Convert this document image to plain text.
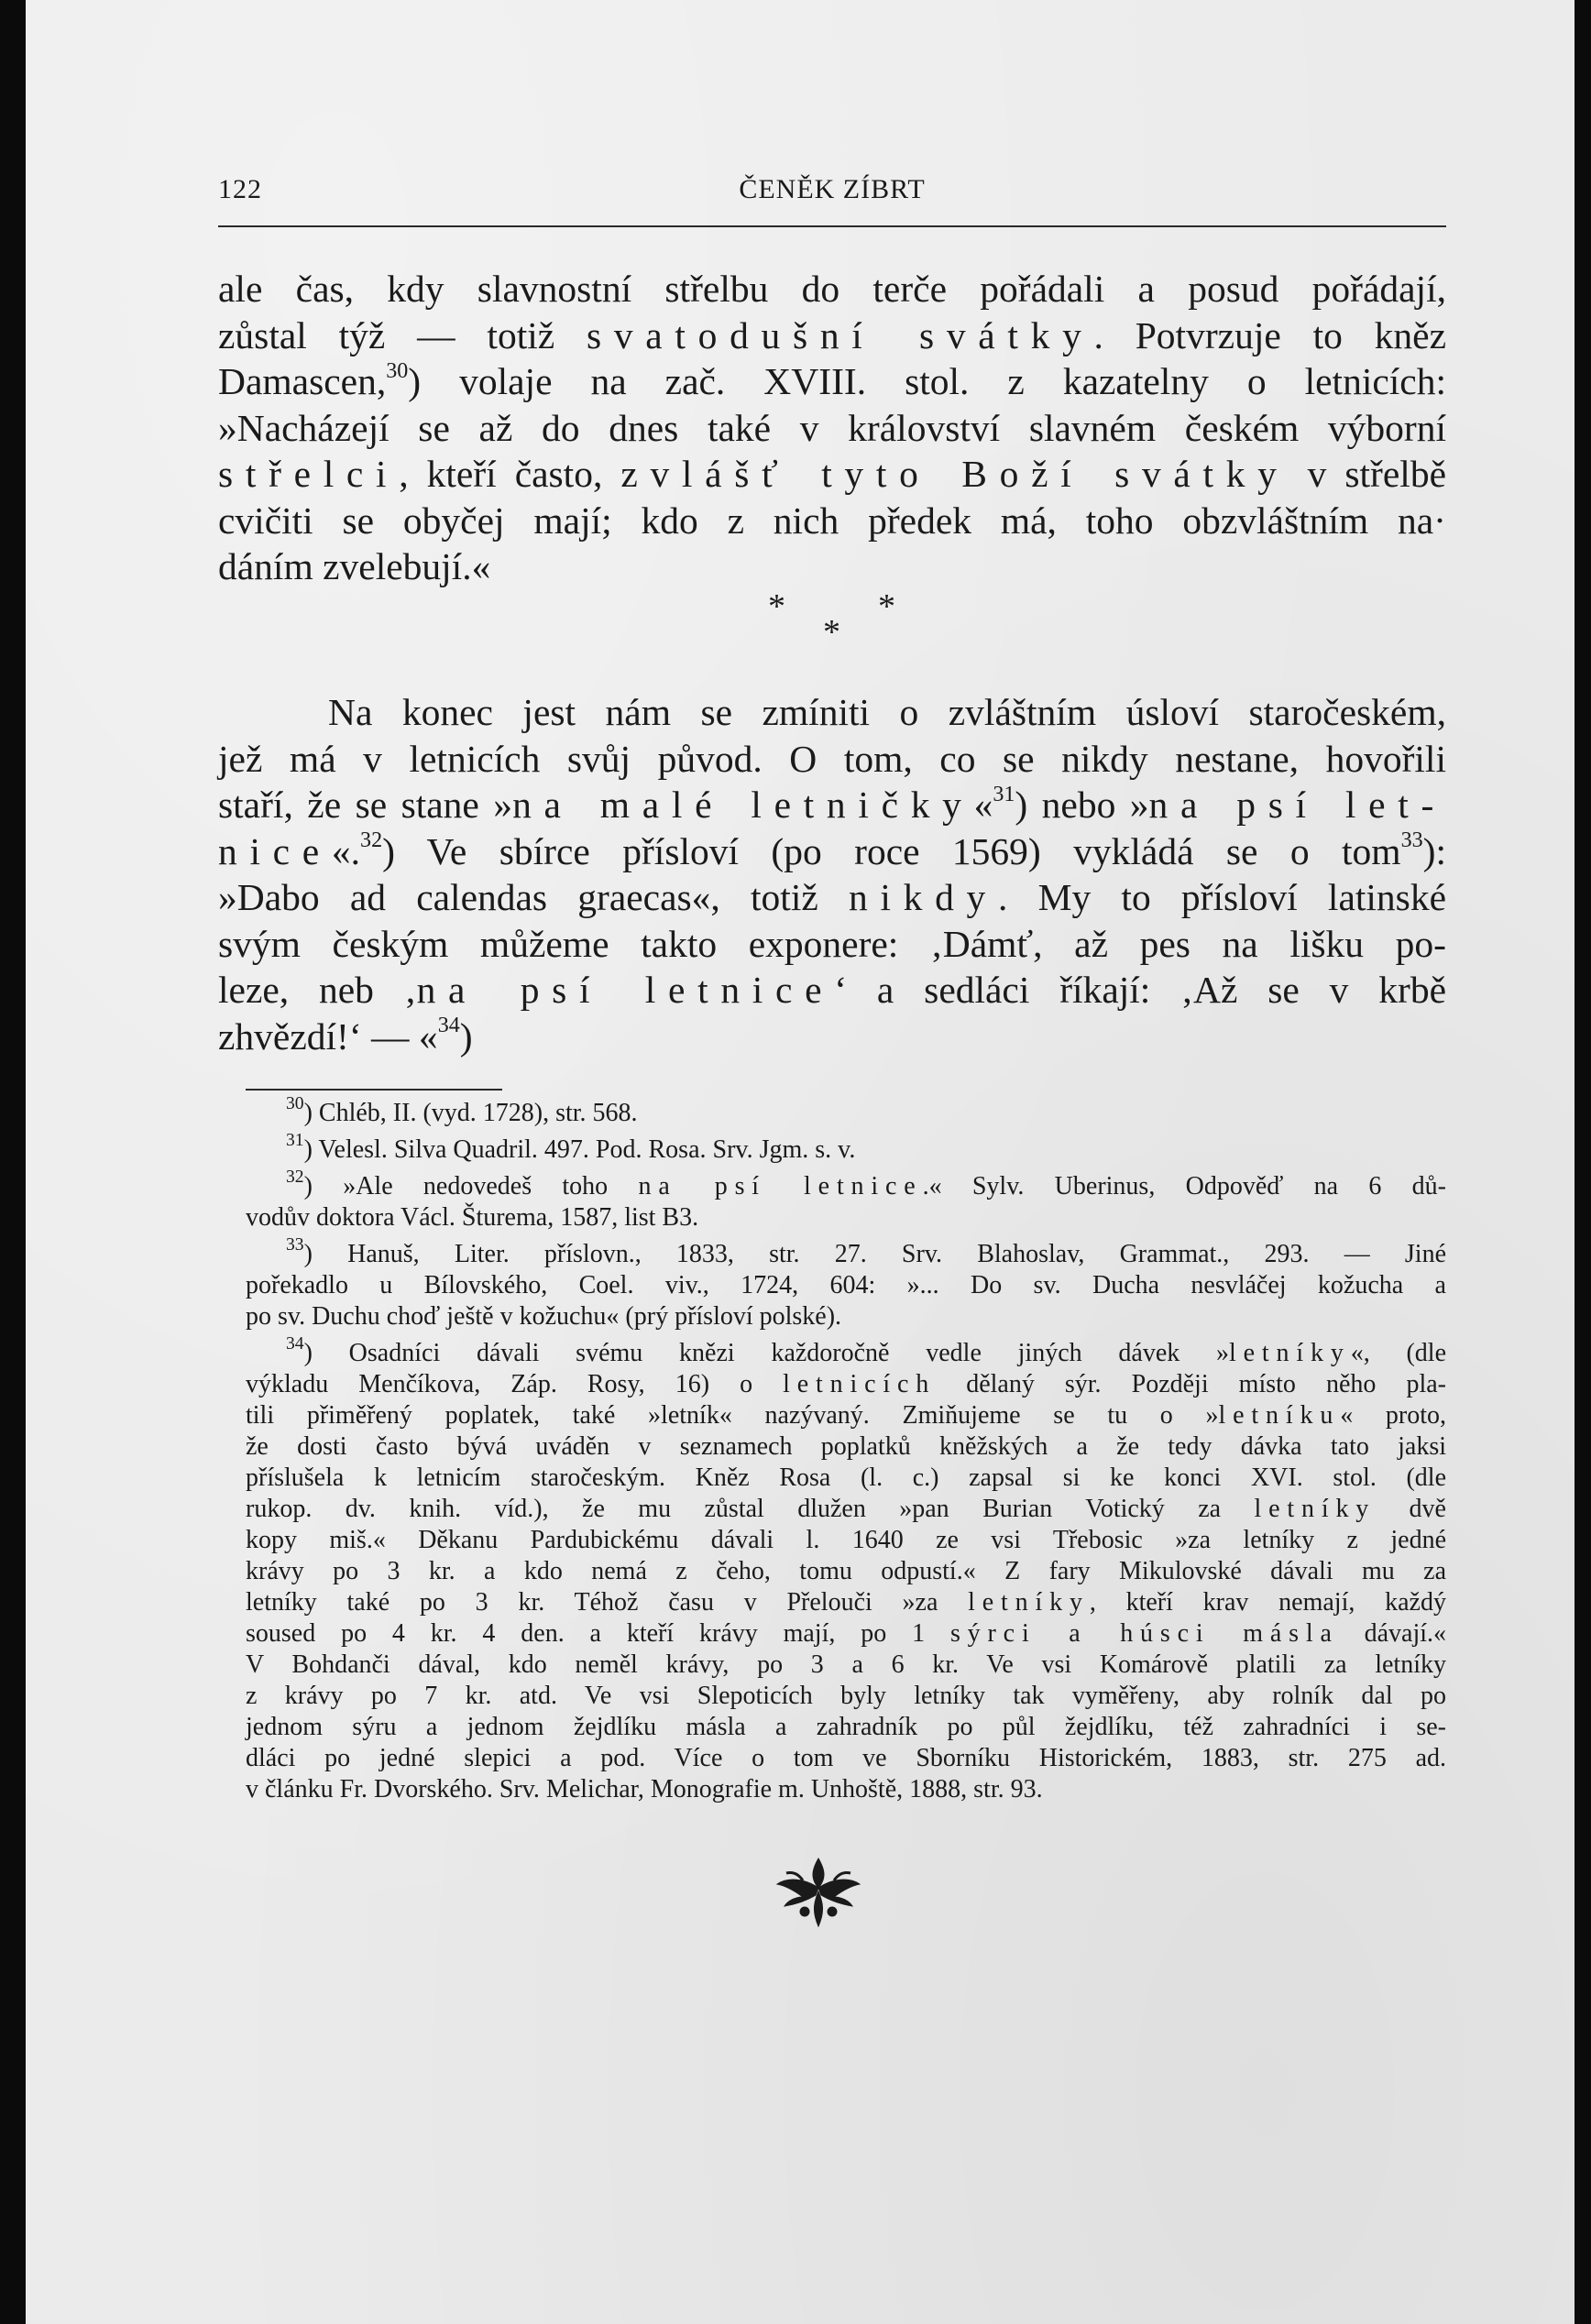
122	ČENĚK ZÍBRT
ale čas, kdy slavnostní střelbu do terče pořádali a posud pořádají,
zůstal týž — totiž svatodušní svátky. Potvrzuje to kněz
Damascen,$^{30}$) volaje na zač. XVIII. stol. z kazatelny o letnicích:
»Nacházejí se až do dnes také v království slavném českém výborní
střelci, kteří často, zvlášť tyto Boží svátky v střelbě
cvičiti se obyčej mají; kdo z nich předek má, toho obzvláštním na·
dáním zvelebují.«
*	*
*
Na konec jest nám se zmíniti o zvláštním úsloví staročeském,
jež má v letnicích svůj původ. O tom, co se nikdy nestane, hovořili
staří, že se stane »na malé letničky«$^{31}$) nebo »na psí let-
nice«.$^{32}$) Ve sbírce přísloví (po roce 1569) vykládá se o tom$^{33}$):
»Dabo ad calendas graecas«, totiž nikdy. My to přísloví latinské
svým českým můžeme takto exponere: ‚Dámť, až pes na lišku po-
leze, neb ‚na psí letnice‘ a sedláci říkají: ‚Až se v krbě
zhvězdí!‘ — «$^{34}$)
$^{30}$) Chléb, II. (vyd. 1728), str. 568.
$^{31}$) Velesl. Silva Quadril. 497. Pod. Rosa. Srv. Jgm. s. v.
$^{32}$) »Ale nedovedeš toho na psí letnice.« Sylv. Uberinus, Odpověď na 6 dů-
vodův doktora Václ. Šturema, 1587, list B3.
$^{33}$) Hanuš, Liter. příslovn., 1833, str. 27. Srv. Blahoslav, Grammat., 293. — Jiné
pořekadlo u Bílovského, Coel. viv., 1724, 604: »... Do sv. Ducha nesvláčej kožucha a
po sv. Duchu choď ještě v kožuchu« (prý přísloví polské).
$^{34}$) Osadníci dávali svému knězi každoročně vedle jiných dávek »letníky«, (dle
výkladu Menčíkova, Záp. Rosy, 16) o letnicích dělaný sýr. Později místo něho pla-
tili přiměřený poplatek, také »letník« nazývaný. Zmiňujeme se tu o »letníku« proto,
že dosti často bývá uváděn v seznamech poplatků kněžských a že tedy dávka tato jaksi
příslušela k letnicím staročeským. Kněz Rosa (l. c.) zapsal si ke konci XVI. stol. (dle
rukop. dv. knih. víd.), že mu zůstal dlužen »pan Burian Votický za letníky dvě
kopy miš.« Děkanu Pardubickému dávali l. 1640 ze vsi Třebosic »za letníky z jedné
krávy po 3 kr. a kdo nemá z čeho, tomu odpustí.« Z fary Mikulovské dávali mu za
letníky také po 3 kr. Téhož času v Přelouči »za letníky, kteří krav nemají, každý
soused po 4 kr. 4 den. a kteří krávy mají, po 1 sýrci a húsci másla dávají.«
V Bohdanči dával, kdo neměl krávy, po 3 a 6 kr. Ve vsi Komárově platili za letníky
z krávy po 7 kr. atd. Ve vsi Slepoticích byly letníky tak vyměřeny, aby rolník dal po
jednom sýru a jednom žejdlíku másla a zahradník po půl žejdlíku, též zahradníci i se-
dláci po jedné slepici a pod. Více o tom ve Sborníku Historickém, 1883, str. 275 ad.
v článku Fr. Dvorského. Srv. Melichar, Monografie m. Unhoště, 1888, str. 93.
